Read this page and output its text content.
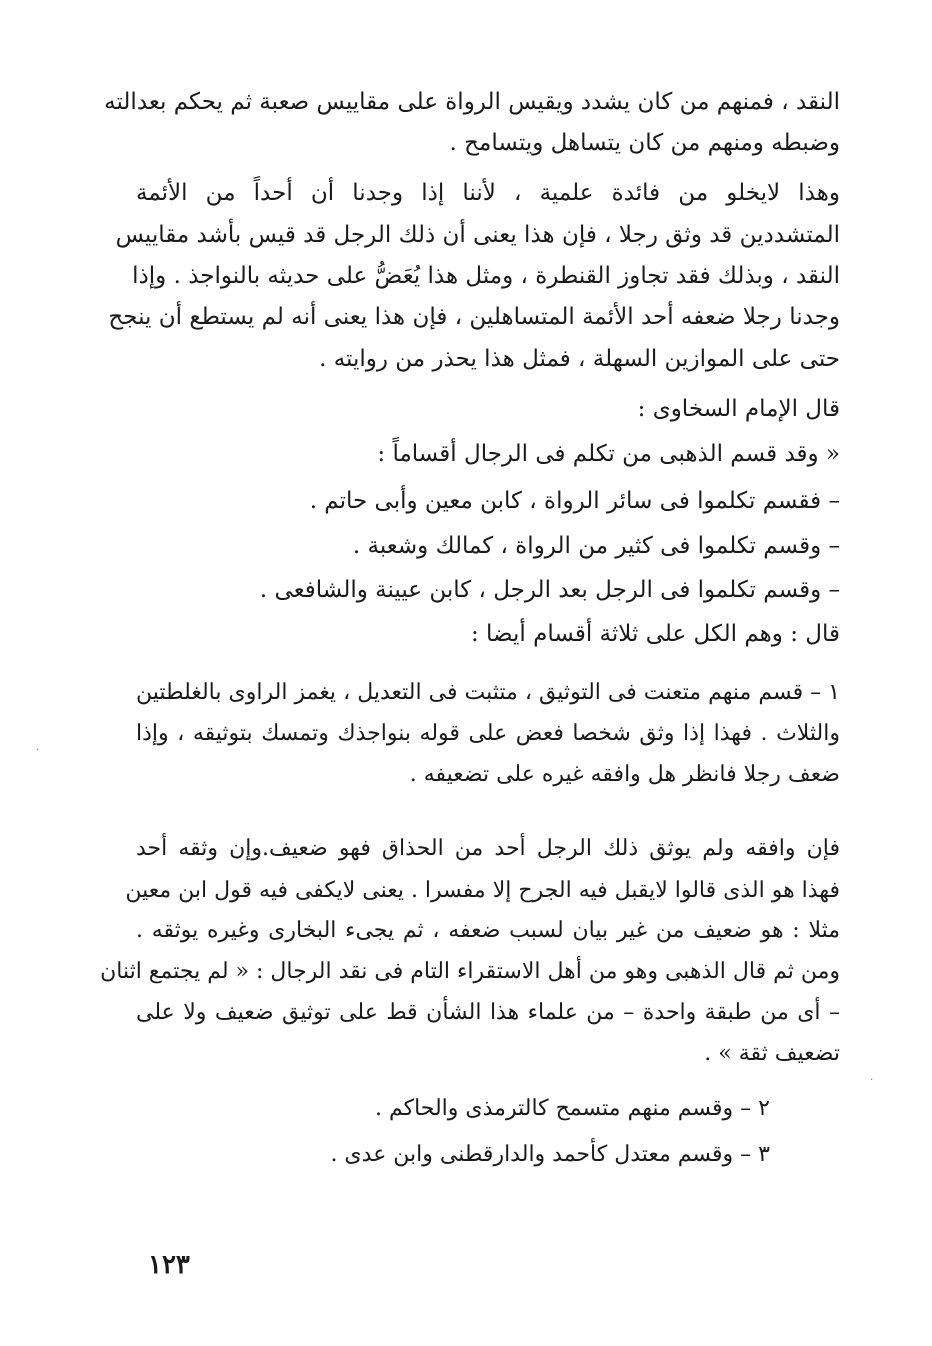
النقد ، فمنهم من كان يشدد ويقيس الرواة على مقاييس صعبة ثم يحكم بعدالته
وضبطه ومنهم من كان يتساهل ويتسامح .
وهذا لايخلو من فائدة علمية ، لأننا إذا وجدنا أن أحداً من الأئمة
المتشددين قد وثق رجلا ، فإن هذا يعنى أن ذلك الرجل قد قيس بأشد مقاييس
النقد ، وبذلك فقد تجاوز القنطرة ، ومثل هذا يُعَضُّ على حديثه بالنواجذ . وإذا
وجدنا رجلا ضعفه أحد الأئمة المتساهلين ، فإن هذا يعنى أنه لم يستطع أن ينجح
حتى على الموازين السهلة ، فمثل هذا يحذر من روايته .
قال الإمام السخاوى :
« وقد قسم الذهبى من تكلم فى الرجال أقساماً :
– فقسم تكلموا فى سائر الرواة ، كابن معين وأبى حاتم .
– وقسم تكلموا فى كثير من الرواة ، كمالك وشعبة .
– وقسم تكلموا فى الرجل بعد الرجل ، كابن عيينة والشافعى .
قال : وهم الكل على ثلاثة أقسام أيضا :
١ – قسم منهم متعنت فى التوثيق ، متثبت فى التعديل ، يغمز الراوى بالغلطتين
والثلاث . فهذا إذا وثق شخصا فعض على قوله بنواجذك وتمسك بتوثيقه ، وإذا
ضعف رجلا فانظر هل وافقه غيره على تضعيفه .
فإن وافقه ولم يوثق ذلك الرجل أحد من الحذاق فهو ضعيف.وإن وثقه أحد
فهذا هو الذى قالوا لايقبل فيه الجرح إلا مفسرا . يعنى لايكفى فيه قول ابن معين
مثلا : هو ضعيف من غير بيان لسبب ضعفه ، ثم يجىء البخارى وغيره يوثقه .
ومن ثم قال الذهبى وهو من أهل الاستقراء التام فى نقد الرجال : « لم يجتمع اثنان
– أى من طبقة واحدة – من علماء هذا الشأن قط على توثيق ضعيف ولا على
تضعيف ثقة » .
٢ – وقسم منهم متسمح كالترمذى والحاكم .
٣ – وقسم معتدل كأحمد والدارقطنى وابن عدى .
١٢٣
·
·
